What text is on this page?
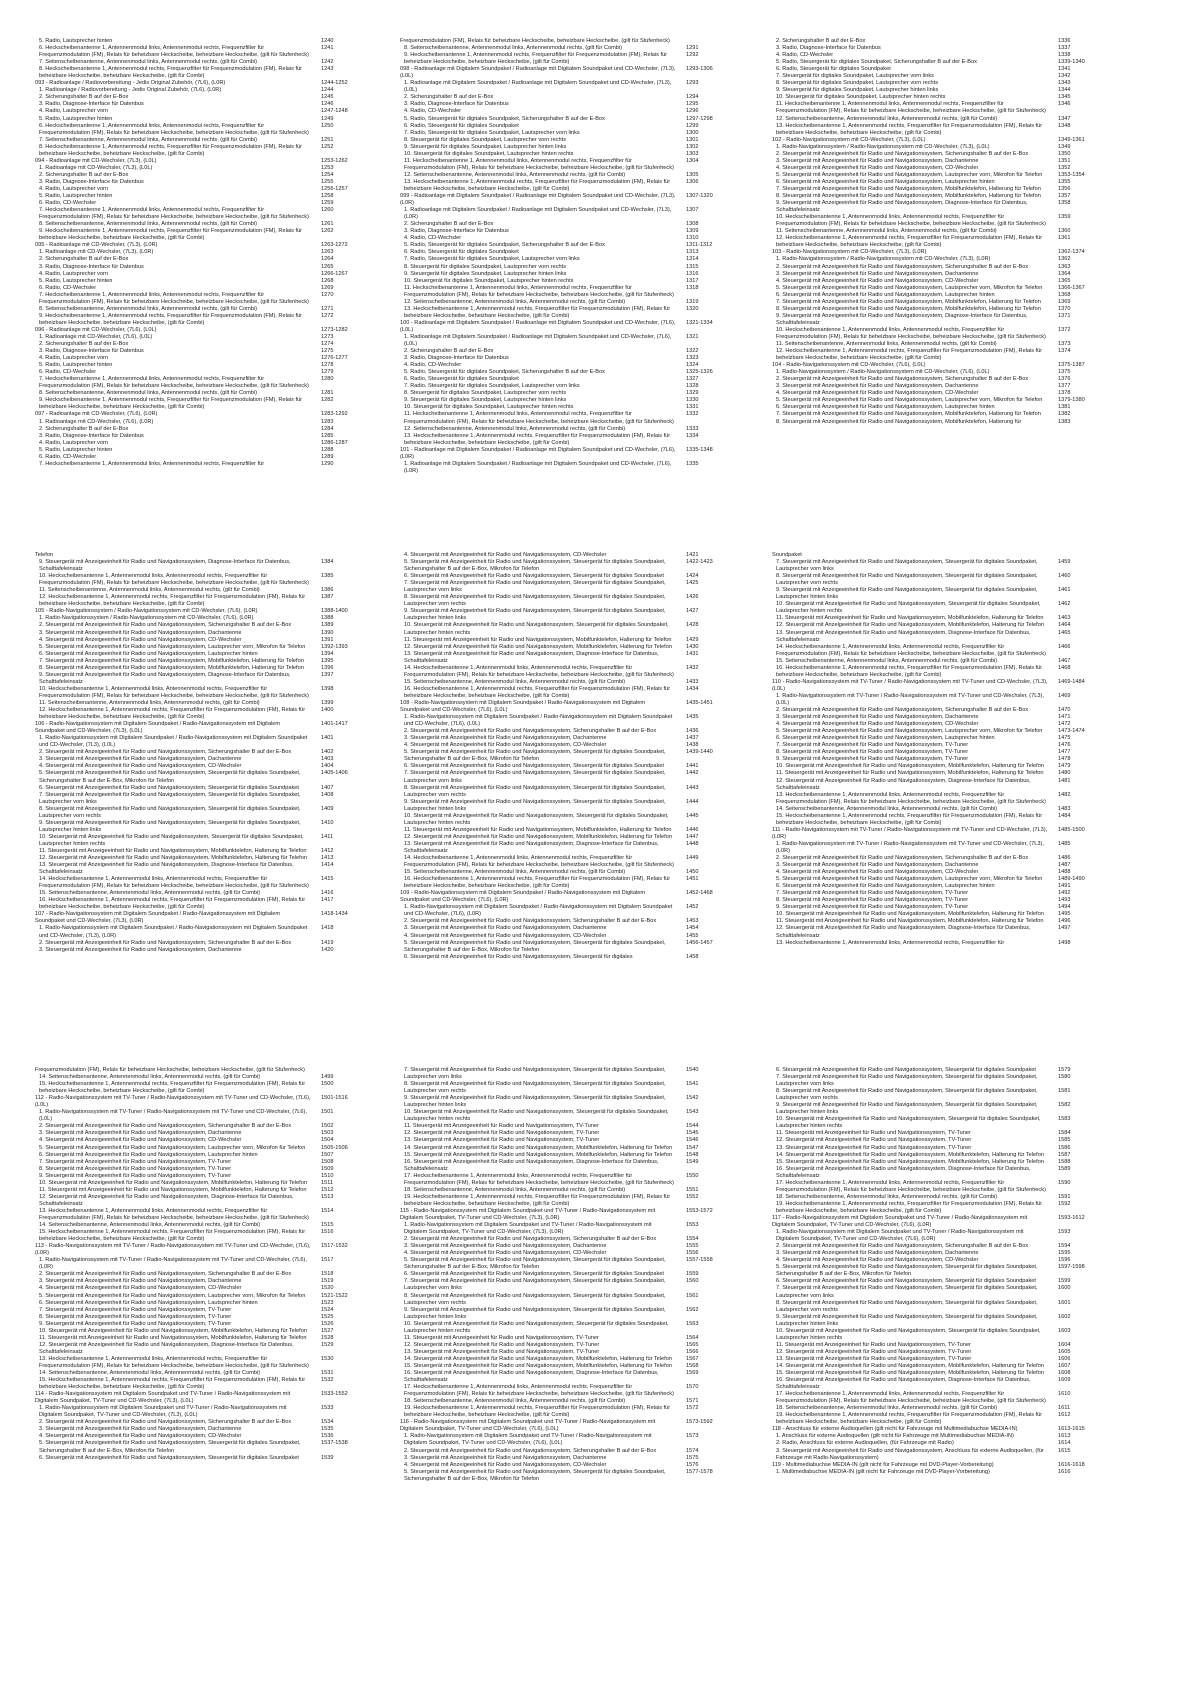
5. Radio, Lautsprecher hinten	1240
6. Heckscheibenantenne 1, Antennenmodul links, Antennenmodul rechts, Frequenzfilter für Frequenzmodulation (FM), Relais für beheizbare Heckscheibe, beheizbare Heckscheibe, (gilt für Stufenheck)
1241
7. Seitenscheibenantenne, Antennenmodul links, Antennenmodul rechts, (gilt für Combi)	1242
8. Heckscheibenantenne 1, Antennenmodul rechts, Frequenzfilter für Frequenzmodulation (FM), Relais für beheizbare Heckscheibe, beheizbare Heckscheibe, (gilt für Combi)
1243
093 - Radioanlage / Radiovorbereitung - Jedis Original Zubehör, (7L6), (L0R)	1244-1252
1. Radioanlage / Radiovorbereitung - Jedis Original Zubehör, (7L6), (L0R)	1244
2. Sicherungshalter B auf der E-Box	1245
3. Radio, Diagnose-Interface für Datenbus	1246
4. Radio, Lautsprecher vorn	1247-1248
5. Radio, Lautsprecher hinten	1249
6. Heckscheibenantenne 1, Antennenmodul links, Antennenmodul rechts, Frequenzfilter für Frequenzmodulation (FM), Relais für beheizbare Heckscheibe, beheizbare Heckscheibe, (gilt für Stufenheck)
1250
7. Seitenscheibenantenne, Antennenmodul links, Antennenmodul rechts, (gilt für Combi)	1251
8. Heckscheibenantenne 1, Antennenmodul rechts, Frequenzfilter für Frequenzmodulation (FM), Relais für beheizbare Heckscheibe, beheizbare Heckscheibe, (gilt für Combi)
1252
094 - Radioanlage mit CD-Wechsler, (7L3), (L0L)	1253-1262
1. Radioanlage mit CD-Wechsler, (7L3), (L0L)	1253
2. Sicherungshalter B auf der E-Box	1254
3. Radio, Diagnose-Interface für Datenbus	1255
4. Radio, Lautsprecher vorn	1256-1257
5. Radio, Lautsprecher hinten	1258
6. Radio, CD-Wechsler	1259
7. Heckscheibenantenne 1, Antennenmodul links, Antennenmodul rechts, Frequenzfilter für Frequenzmodulation (FM), Relais für beheizbare Heckscheibe, beheizbare Heckscheibe, (gilt für Stufenheck)
1260
8. Seitenscheibenantenne, Antennenmodul links, Antennenmodul rechts, (gilt für Combi)	1261
9. Heckscheibenantenne 1, Antennenmodul rechts, Frequenzfilter für Frequenzmodulation (FM), Relais für beheizbare Heckscheibe, beheizbare Heckscheibe, (gilt für Combi)
1262
095 - Radioanlage mit CD-Wechsler, (7L3), (L0R)	1263-1272
1. Radioanlage mit CD-Wechsler, (7L3), (L0R)	1263
2. Sicherungshalter B auf der E-Box	1264
3. Radio, Diagnose-Interface für Datenbus	1265
4. Radio, Lautsprecher vorn	1266-1267
5. Radio, Lautsprecher hinten	1268
6. Radio, CD-Wechsler	1269
7. Heckscheibenantenne 1, Antennenmodul links, Antennenmodul rechts, Frequenzfilter für Frequenzmodulation (FM), Relais für beheizbare Heckscheibe, beheizbare Heckscheibe, (gilt für Stufenheck)
1270
8. Seitenscheibenantenne, Antennenmodul links, Antennenmodul rechts, (gilt für Combi)	1271
9. Heckscheibenantenne 1, Antennenmodul rechts, Frequenzfilter für Frequenzmodulation (FM), Relais für beheizbare Heckscheibe, beheizbare Heckscheibe, (gilt für Combi)
1272
096 - Radioanlage mit CD-Wechsler, (7L6), (L0L)	1273-1282
1. Radioanlage mit CD-Wechsler, (7L6), (L0L)	1273
2. Sicherungshalter B auf der E-Box	1274
3. Radio, Diagnose-Interface für Datenbus	1275
4. Radio, Lautsprecher vorn	1276-1277
5. Radio, Lautsprecher hinten	1278
6. Radio, CD-Wechsler	1279
7. Heckscheibenantenne 1, Antennenmodul links, Antennenmodul rechts, Frequenzfilter für Frequenzmodulation (FM), Relais für beheizbare Heckscheibe, beheizbare Heckscheibe, (gilt für Stufenheck)
1280
8. Seitenscheibenantenne, Antennenmodul links, Antennenmodul rechts, (gilt für Combi)	1281
9. Heckscheibenantenne 1, Antennenmodul rechts, Frequenzfilter für Frequenzmodulation (FM), Relais für beheizbare Heckscheibe, beheizbare Heckscheibe, (gilt für Combi)
1282
097 - Radioanlage mit CD-Wechsler, (7L6), (L0R)	1283-1292
1. Radioanlage mit CD-Wechsler, (7L6), (L0R)	1283
2. Sicherungshalter B auf der E-Box	1284
3. Radio, Diagnose-Interface für Datenbus	1285
4. Radio, Lautsprecher vorn	1286-1287
5. Radio, Lautsprecher hinten	1288
6. Radio, CD-Wechsler	1289
7. Heckscheibenantenne 1, Antennenmodul links, Antennenmodul rechts, Frequenzfilter für	1290
Frequenzmodulation (FM), Relais für beheizbare Heckscheibe, beheizbare Heckscheibe, (gilt für Stufenheck)
8. Seitenscheibenantenne, Antennenmodul links, Antennenmodul rechts, (gilt für Combi)	1291
9. Heckscheibenantenne 1, Antennenmodul rechts, Frequenzfilter für Frequenzmodulation (FM), Relais für beheizbare Heckscheibe, beheizbare Heckscheibe, (gilt für Combi)
1292
098 - Radioanlage mit Digitalem Soundpaket / Radioanlage mit Digitalem Soundpaket und CD-Wechsler, (7L3), (L0L)
1293-1306
1. Radioanlage mit Digitalem Soundpaket / Radioanlage mit Digitalem Soundpaket und CD-Wechsler, (7L3), (L0L)
1293
2. Sicherungshalter B auf der E-Box	1294
3. Radio, Diagnose-Interface für Datenbus	1295
4. Radio, CD-Wechsler	1296
5. Radio, Steuergerät für digitales Soundpaket, Sicherungshalter B auf der E-Box	1297-1298
6. Radio, Steuergerät für digitales Soundpaket	1299
7. Radio, Steuergerät für digitales Soundpaket, Lautsprecher vorn links	1300
8. Steuergerät für digitales Soundpaket, Lautsprecher vorn rechts	1301
9. Steuergerät für digitales Soundpaket, Lautsprecher hinten links	1302
10. Steuergerät für digitales Soundpaket, Lautsprecher hinten rechts	1303
11. Heckscheibenantenne 1, Antennenmodul links, Antennenmodul rechts, Frequenzfilter für Frequenzmodulation (FM), Relais für beheizbare Heckscheibe, beheizbare Heckscheibe, (gilt für Stufenheck)
1304
12. Seitenscheibenantenne, Antennenmodul links, Antennenmodul rechts, (gilt für Combi)	1305
13. Heckscheibenantenne 1, Antennenmodul rechts, Frequenzfilter für Frequenzmodulation (FM), Relais für beheizbare Heckscheibe, beheizbare Heckscheibe, (gilt für Combi)
1306
099 - Radioanlage mit Digitalem Soundpaket / Radioanlage mit Digitalem Soundpaket und CD-Wechsler, (7L3), (L0R)
1307-1320
1. Radioanlage mit Digitalem Soundpaket / Radioanlage mit Digitalem Soundpaket und CD-Wechsler, (7L3), (L0R)
1307
2. Sicherungshalter B auf der E-Box	1308
3. Radio, Diagnose-Interface für Datenbus	1309
4. Radio, CD-Wechsler	1310
5. Radio, Steuergerät für digitales Soundpaket, Sicherungshalter B auf der E-Box	1311-1312
6. Radio, Steuergerät für digitales Soundpaket	1313
7. Radio, Steuergerät für digitales Soundpaket, Lautsprecher vorn links	1314
8. Steuergerät für digitales Soundpaket, Lautsprecher vorn rechts	1315
9. Steuergerät für digitales Soundpaket, Lautsprecher hinten links	1316
10. Steuergerät für digitales Soundpaket, Lautsprecher hinten rechts	1317
11. Heckscheibenantenne 1, Antennenmodul links, Antennenmodul rechts, Frequenzfilter für Frequenzmodulation (FM), Relais für beheizbare Heckscheibe, beheizbare Heckscheibe, (gilt für Stufenheck)
1318
12. Seitenscheibenantenne, Antennenmodul links, Antennenmodul rechts, (gilt für Combi)	1319
13. Heckscheibenantenne 1, Antennenmodul rechts, Frequenzfilter für Frequenzmodulation (FM), Relais für beheizbare Heckscheibe, beheizbare Heckscheibe, (gilt für Combi)
1320
100 - Radioanlage mit Digitalem Soundpaket / Radioanlage mit Digitalem Soundpaket und CD-Wechsler, (7L6), (L0L)
1321-1334
1. Radioanlage mit Digitalem Soundpaket / Radioanlage mit Digitalem Soundpaket und CD-Wechsler, (7L6), (L0L)
1321
2. Sicherungshalter B auf der E-Box	1322
3. Radio, Diagnose-Interface für Datenbus	1323
4. Radio, CD-Wechsler	1324
5. Radio, Steuergerät für digitales Soundpaket, Sicherungshalter B auf der E-Box	1325-1326
6. Radio, Steuergerät für digitales Soundpaket	1327
7. Radio, Steuergerät für digitales Soundpaket, Lautsprecher vorn links	1328
8. Steuergerät für digitales Soundpaket, Lautsprecher vorn rechts	1329
9. Steuergerät für digitales Soundpaket, Lautsprecher hinten links	1330
10. Steuergerät für digitales Soundpaket, Lautsprecher hinten rechts	1331
11. Heckscheibenantenne 1, Antennenmodul links, Antennenmodul rechts, Frequenzfilter für Frequenzmodulation (FM), Relais für beheizbare Heckscheibe, beheizbare Heckscheibe, (gilt für Stufenheck)
1332
12. Seitenscheibenantenne, Antennenmodul links, Antennenmodul rechts, (gilt für Combi)	1333
13. Heckscheibenantenne 1, Antennenmodul rechts, Frequenzfilter für Frequenzmodulation (FM), Relais für beheizbare Heckscheibe, beheizbare Heckscheibe, (gilt für Combi)
1334
101 - Radioanlage mit Digitalem Soundpaket / Radioanlage mit Digitalem Soundpaket und CD-Wechsler, (7L6), (L0R)
1335-1348
1. Radioanlage mit Digitalem Soundpaket / Radioanlage mit Digitalem Soundpaket und CD-Wechsler, (7L6), (L0R)
1335
2. Sicherungshalter B auf der E-Box	1336
3. Radio, Diagnose-Interface für Datenbus	1337
4. Radio, CD-Wechsler	1338
5. Radio, Steuergerät für digitales Soundpaket, Sicherungshalter B auf der E-Box	1339-1340
6. Radio, Steuergerät für digitales Soundpaket	1341
7. Steuergerät für digitales Soundpaket, Lautsprecher vorn links	1342
8. Steuergerät für digitales Soundpaket, Lautsprecher vorn rechts	1343
9. Steuergerät für digitales Soundpaket, Lautsprecher hinten links	1344
10. Steuergerät für digitales Soundpaket, Lautsprecher hinten rechts	1345
11. Heckscheibenantenne 1, Antennenmodul links, Antennenmodul rechts, Frequenzfilter für Frequenzmodulation (FM), Relais für beheizbare Heckscheibe, beheizbare Heckscheibe, (gilt für Stufenheck)
1346
12. Seitenscheibenantenne, Antennenmodul links, Antennenmodul rechts, (gilt für Combi)	1347
13. Heckscheibenantenne 1, Antennenmodul rechts, Frequenzfilter für Frequenzmodulation (FM), Relais für beheizbare Heckscheibe, beheizbare Heckscheibe, (gilt für Combi)
1348
102 - Radio-Navigationssystem mit CD-Wechsler, (7L3), (L0L)	1349-1361
1. Radio-Navigationssystem / Radio-Navigationssystem mit CD-Wechsler, (7L3), (L0L)	1349
2. Steuergerät mit Anzeigeeinheit für Radio und Navigationssystem, Sicherungshalter B auf der E-Box	1350
3. Steuergerät mit Anzeigeeinheit für Radio und Navigationssystem, Dachantenne	1351
4. Steuergerät mit Anzeigeeinheit für Radio und Navigationssystem, CD-Wechsler	1352
5. Steuergerät mit Anzeigeeinheit für Radio und Navigationssystem, Lautsprecher vorn, Mikrofon für Telefon	1353-1354
6. Steuergerät mit Anzeigeeinheit für Radio und Navigationssystem, Lautsprecher hinten	1355
7. Steuergerät mit Anzeigeeinheit für Radio und Navigationssystem, Mobilfunktelefon, Halterung für Telefon	1356
8. Steuergerät mit Anzeigeeinheit für Radio und Navigationssystem, Mobilfunktelefon, Halterung für Telefon	1357
9. Steuergerät mit Anzeigeeinheit für Radio und Navigationssystem, Diagnose-Interface für Datenbus, Schalttafeleinsatz
1358
10. Heckscheibenantenne 1, Antennenmodul links, Antennenmodul rechts, Frequenzfilter für Frequenzmodulation (FM), Relais für beheizbare Heckscheibe, beheizbare Heckscheibe, (gilt für Stufenheck)
1359
11. Seitenscheibenantenne, Antennenmodul links, Antennenmodul rechts, (gilt für Combi)	1360
12. Heckscheibenantenne 1, Antennenmodul rechts, Frequenzfilter für Frequenzmodulation (FM), Relais für beheizbare Heckscheibe, beheizbare Heckscheibe, (gilt für Combi)
1361
103 - Radio-Navigationssystem mit CD-Wechsler, (7L3), (L0R)	1362-1374
1. Radio-Navigationssystem / Radio-Navigationssystem mit CD-Wechsler, (7L3), (L0R)	1362
2. Steuergerät mit Anzeigeeinheit für Radio und Navigationssystem, Sicherungshalter B auf der E-Box	1363
3. Steuergerät mit Anzeigeeinheit für Radio und Navigationssystem, Dachantenne	1364
4. Steuergerät mit Anzeigeeinheit für Radio und Navigationssystem, CD-Wechsler	1365
5. Steuergerät mit Anzeigeeinheit für Radio und Navigationssystem, Lautsprecher vorn, Mikrofon für Telefon	1366-1367
6. Steuergerät mit Anzeigeeinheit für Radio und Navigationssystem, Lautsprecher hinten	1368
7. Steuergerät mit Anzeigeeinheit für Radio und Navigationssystem, Mobilfunktelefon, Halterung für Telefon	1369
8. Steuergerät mit Anzeigeeinheit für Radio und Navigationssystem, Mobilfunktelefon, Halterung für Telefon	1370
9. Steuergerät mit Anzeigeeinheit für Radio und Navigationssystem, Diagnose-Interface für Datenbus, Schalttafeleinsatz
1371
10. Heckscheibenantenne 1, Antennenmodul links, Antennenmodul rechts, Frequenzfilter für Frequenzmodulation (FM), Relais für beheizbare Heckscheibe, beheizbare Heckscheibe, (gilt für Stufenheck)
1372
11. Seitenscheibenantenne, Antennenmodul links, Antennenmodul rechts, (gilt für Combi)	1373
12. Heckscheibenantenne 1, Antennenmodul rechts, Frequenzfilter für Frequenzmodulation (FM), Relais für beheizbare Heckscheibe, beheizbare Heckscheibe, (gilt für Combi)
1374
104 - Radio-Navigationssystem mit CD-Wechsler, (7L6), (L0L)	1375-1387
1. Radio-Navigationssystem / Radio-Navigationssystem mit CD-Wechsler, (7L6), (L0L)	1375
2. Steuergerät mit Anzeigeeinheit für Radio und Navigationssystem, Sicherungshalter B auf der E-Box	1376
3. Steuergerät mit Anzeigeeinheit für Radio und Navigationssystem, Dachantenne	1377
4. Steuergerät mit Anzeigeeinheit für Radio und Navigationssystem, CD-Wechsler	1378
5. Steuergerät mit Anzeigeeinheit für Radio und Navigationssystem, Lautsprecher vorn, Mikrofon für Telefon	1379-1380
6. Steuergerät mit Anzeigeeinheit für Radio und Navigationssystem, Lautsprecher hinten	1381
7. Steuergerät mit Anzeigeeinheit für Radio und Navigationssystem, Mobilfunktelefon, Halterung für Telefon	1382
8. Steuergerät mit Anzeigeeinheit für Radio und Navigationssystem, Mobilfunktelefon, Halterung für	1383
Telefon
9. Steuergerät mit Anzeigeeinheit für Radio und Navigationssystem, Diagnose-Interface für Datenbus, Schalttafeleinsatz
1384
10. Heckscheibenantenne 1, Antennenmodul links, Antennenmodul rechts, Frequenzfilter für Frequenzmodulation (FM), Relais für beheizbare Heckscheibe, beheizbare Heckscheibe, (gilt für Stufenheck)
1385
11. Seitenscheibenantenne, Antennenmodul links, Antennenmodul rechts, (gilt für Combi)	1386
12. Heckscheibenantenne 1, Antennenmodul rechts, Frequenzfilter für Frequenzmodulation (FM), Relais für beheizbare Heckscheibe, beheizbare Heckscheibe, (gilt für Combi)
1387
105 - Radio-Navigationssystem / Radio-Navigationssystem mit CD-Wechsler, (7L6), (L0R)	1388-1400
1. Radio-Navigationssystem / Radio-Navigationssystem mit CD-Wechsler, (7L6), (L0R)	1388
2. Steuergerät mit Anzeigeeinheit für Radio und Navigationssystem, Sicherungshalter B auf der E-Box	1389
3. Steuergerät mit Anzeigeeinheit für Radio und Navigationssystem, Dachantenne	1390
4. Steuergerät mit Anzeigeeinheit für Radio und Navigationssystem, CD-Wechsler	1391
5. Steuergerät mit Anzeigeeinheit für Radio und Navigationssystem, Lautsprecher vorn, Mikrofon für Telefon	1392-1393
6. Steuergerät mit Anzeigeeinheit für Radio und Navigationssystem, Lautsprecher hinten	1394
7. Steuergerät mit Anzeigeeinheit für Radio und Navigationssystem, Mobilfunktelefon, Halterung für Telefon	1395
8. Steuergerät mit Anzeigeeinheit für Radio und Navigationssystem, Mobilfunktelefon, Halterung für Telefon	1396
9. Steuergerät mit Anzeigeeinheit für Radio und Navigationssystem, Diagnose-Interface für Datenbus, Schalttafeleinsatz
1397
10. Heckscheibenantenne 1, Antennenmodul links, Antennenmodul rechts, Frequenzfilter für Frequenzmodulation (FM), Relais für beheizbare Heckscheibe, beheizbare Heckscheibe, (gilt für Stufenheck)
1398
11. Seitenscheibenantenne, Antennenmodul links, Antennenmodul rechts, (gilt für Combi)	1399
12. Heckscheibenantenne 1, Antennenmodul rechts, Frequenzfilter für Frequenzmodulation (FM), Relais für beheizbare Heckscheibe, beheizbare Heckscheibe, (gilt für Combi)
1400
106 - Radio-Navigationssystem mit Digitalem Soundpaket / Radio-Navigationssystem mit Digitalem Soundpaket und CD-Wechsler, (7L3), (L0L)
1401-1417
1. Radio-Navigationssystem mit Digitalem Soundpaket / Radio-Navigationssystem mit Digitalem Soundpaket und CD-Wechsler, (7L3), (L0L)
1401
2. Steuergerät mit Anzeigeeinheit für Radio und Navigationssystem, Sicherungshalter B auf der E-Box	1402
3. Steuergerät mit Anzeigeeinheit für Radio und Navigationssystem, Dachantenne	1403
4. Steuergerät mit Anzeigeeinheit für Radio und Navigationssystem, CD-Wechsler	1404
5. Steuergerät mit Anzeigeeinheit für Radio und Navigationssystem, Steuergerät für digitales Soundpaket, Sicherungshalter B auf der E-Box, Mikrofon für Telefon
1405-1406
6. Steuergerät mit Anzeigeeinheit für Radio und Navigationssystem, Steuergerät für digitales Soundpaket	1407
7. Steuergerät mit Anzeigeeinheit für Radio und Navigationssystem, Steuergerät für digitales Soundpaket, Lautsprecher vorn links
1408
8. Steuergerät mit Anzeigeeinheit für Radio und Navigationssystem, Steuergerät für digitales Soundpaket, Lautsprecher vorn rechts
1409
9. Steuergerät mit Anzeigeeinheit für Radio und Navigationssystem, Steuergerät für digitales Soundpaket, Lautsprecher hinten links
1410
10. Steuergerät mit Anzeigeeinheit für Radio und Navigationssystem, Steuergerät für digitales Soundpaket, Lautsprecher hinten rechts
1411
11. Steuergerät mit Anzeigeeinheit für Radio und Navigationssystem, Mobilfunktelefon, Halterung für Telefon	1412
12. Steuergerät mit Anzeigeeinheit für Radio und Navigationssystem, Mobilfunktelefon, Halterung für Telefon	1413
13. Steuergerät mit Anzeigeeinheit für Radio und Navigationssystem, Diagnose-Interface für Datenbus, Schalttafeleinsatz
1414
14. Heckscheibenantenne 1, Antennenmodul links, Antennenmodul rechts, Frequenzfilter für Frequenzmodulation (FM), Relais für beheizbare Heckscheibe, beheizbare Heckscheibe, (gilt für Stufenheck)
1415
15. Seitenscheibenantenne, Antennenmodul links, Antennenmodul rechts, (gilt für Combi)	1416
16. Heckscheibenantenne 1, Antennenmodul rechts, Frequenzfilter für Frequenzmodulation (FM), Relais für beheizbare Heckscheibe, beheizbare Heckscheibe, (gilt für Combi)
1417
107 - Radio-Navigationssystem mit Digitalem Soundpaket / Radio-Navigationssystem mit Digitalem Soundpaket und CD-Wechsler, (7L3), (L0R)
1418-1434
1. Radio-Navigationssystem mit Digitalem Soundpaket / Radio-Navigationssystem mit Digitalem Soundpaket und CD-Wechsler, (7L3), (L0R)
1418
2. Steuergerät mit Anzeigeeinheit für Radio und Navigationssystem, Sicherungshalter B auf der E-Box	1419
3. Steuergerät mit Anzeigeeinheit für Radio und Navigationssystem, Dachantenne	1420
4. Steuergerät mit Anzeigeeinheit für Radio und Navigationssystem, CD-Wechsler	1421
5. Steuergerät mit Anzeigeeinheit für Radio und Navigationssystem, Steuergerät für digitales Soundpaket, Sicherungshalter B auf der E-Box, Mikrofon für Telefon
1422-1423
6. Steuergerät mit Anzeigeeinheit für Radio und Navigationssystem, Steuergerät für digitales Soundpaket	1424
7. Steuergerät mit Anzeigeeinheit für Radio und Navigationssystem, Steuergerät für digitales Soundpaket, Lautsprecher vorn links
1425
8. Steuergerät mit Anzeigeeinheit für Radio und Navigationssystem, Steuergerät für digitales Soundpaket, Lautsprecher vorn rechts
1426
9. Steuergerät mit Anzeigeeinheit für Radio und Navigationssystem, Steuergerät für digitales Soundpaket, Lautsprecher hinten links
1427
10. Steuergerät mit Anzeigeeinheit für Radio und Navigationssystem, Steuergerät für digitales Soundpaket, Lautsprecher hinten rechts
1428
11. Steuergerät mit Anzeigeeinheit für Radio und Navigationssystem, Mobilfunktelefon, Halterung für Telefon	1429
12. Steuergerät mit Anzeigeeinheit für Radio und Navigationssystem, Mobilfunktelefon, Halterung für Telefon	1430
13. Steuergerät mit Anzeigeeinheit für Radio und Navigationssystem, Diagnose-Interface für Datenbus, Schalttafeleinsatz
1431
14. Heckscheibenantenne 1, Antennenmodul links, Antennenmodul rechts, Frequenzfilter für Frequenzmodulation (FM), Relais für beheizbare Heckscheibe, beheizbare Heckscheibe, (gilt für Stufenheck)
1432
15. Seitenscheibenantenne, Antennenmodul links, Antennenmodul rechts, (gilt für Combi)	1433
16. Heckscheibenantenne 1, Antennenmodul rechts, Frequenzfilter für Frequenzmodulation (FM), Relais für beheizbare Heckscheibe, beheizbare Heckscheibe, (gilt für Combi)
1434
108 - Radio-Navigationssystem mit Digitalem Soundpaket / Radio-Navigationssystem mit Digitalem Soundpaket und CD-Wechsler, (7L6), (L0L)
1435-1451
1. Radio-Navigationssystem mit Digitalem Soundpaket / Radio-Navigationssystem mit Digitalem Soundpaket und CD-Wechsler, (7L6), (L0L)
1435
2. Steuergerät mit Anzeigeeinheit für Radio und Navigationssystem, Sicherungshalter B auf der E-Box	1436
3. Steuergerät mit Anzeigeeinheit für Radio und Navigationssystem, Dachantenne	1437
4. Steuergerät mit Anzeigeeinheit für Radio und Navigationssystem, CD-Wechsler	1438
5. Steuergerät mit Anzeigeeinheit für Radio und Navigationssystem, Steuergerät für digitales Soundpaket, Sicherungshalter B auf der E-Box, Mikrofon für Telefon
1439-1440
6. Steuergerät mit Anzeigeeinheit für Radio und Navigationssystem, Steuergerät für digitales Soundpaket	1441
7. Steuergerät mit Anzeigeeinheit für Radio und Navigationssystem, Steuergerät für digitales Soundpaket, Lautsprecher vorn links
1442
8. Steuergerät mit Anzeigeeinheit für Radio und Navigationssystem, Steuergerät für digitales Soundpaket, Lautsprecher vorn rechts
1443
9. Steuergerät mit Anzeigeeinheit für Radio und Navigationssystem, Steuergerät für digitales Soundpaket, Lautsprecher hinten links
1444
10. Steuergerät mit Anzeigeeinheit für Radio und Navigationssystem, Steuergerät für digitales Soundpaket, Lautsprecher hinten rechts
1445
11. Steuergerät mit Anzeigeeinheit für Radio und Navigationssystem, Mobilfunktelefon, Halterung für Telefon	1446
12. Steuergerät mit Anzeigeeinheit für Radio und Navigationssystem, Mobilfunktelefon, Halterung für Telefon	1447
13. Steuergerät mit Anzeigeeinheit für Radio und Navigationssystem, Diagnose-Interface für Datenbus, Schalttafeleinsatz
1448
14. Heckscheibenantenne 1, Antennenmodul links, Antennenmodul rechts, Frequenzfilter für Frequenzmodulation (FM), Relais für beheizbare Heckscheibe, beheizbare Heckscheibe, (gilt für Stufenheck)
1449
15. Seitenscheibenantenne, Antennenmodul links, Antennenmodul rechts, (gilt für Combi)	1450
16. Heckscheibenantenne 1, Antennenmodul rechts, Frequenzfilter für Frequenzmodulation (FM), Relais für beheizbare Heckscheibe, beheizbare Heckscheibe, (gilt für Combi)
1451
109 - Radio-Navigationssystem mit Digitalem Soundpaket / Radio-Navigationssystem mit Digitalem Soundpaket und CD-Wechsler, (7L6), (L0R)
1452-1468
1. Radio-Navigationssystem mit Digitalem Soundpaket / Radio-Navigationssystem mit Digitalem Soundpaket und CD-Wechsler, (7L6), (L0R)
1452
2. Steuergerät mit Anzeigeeinheit für Radio und Navigationssystem, Sicherungshalter B auf der E-Box	1453
3. Steuergerät mit Anzeigeeinheit für Radio und Navigationssystem, Dachantenne	1454
4. Steuergerät mit Anzeigeeinheit für Radio und Navigationssystem, CD-Wechsler	1455
5. Steuergerät mit Anzeigeeinheit für Radio und Navigationssystem, Steuergerät für digitales Soundpaket, Sicherungshalter B auf der E-Box, Mikrofon für Telefon
1456-1457
6. Steuergerät mit Anzeigeeinheit für Radio und Navigationssystem, Steuergerät für digitales	1458
Soundpaket
7. Steuergerät mit Anzeigeeinheit für Radio und Navigationssystem, Steuergerät für digitales Soundpaket, Lautsprecher vorn links
1459
8. Steuergerät mit Anzeigeeinheit für Radio und Navigationssystem, Steuergerät für digitales Soundpaket, Lautsprecher vorn rechts
1460
9. Steuergerät mit Anzeigeeinheit für Radio und Navigationssystem, Steuergerät für digitales Soundpaket, Lautsprecher hinten links
1461
10. Steuergerät mit Anzeigeeinheit für Radio und Navigationssystem, Steuergerät für digitales Soundpaket, Lautsprecher hinten rechts
1462
11. Steuergerät mit Anzeigeeinheit für Radio und Navigationssystem, Mobilfunktelefon, Halterung für Telefon	1463
12. Steuergerät mit Anzeigeeinheit für Radio und Navigationssystem, Mobilfunktelefon, Halterung für Telefon	1464
13. Steuergerät mit Anzeigeeinheit für Radio und Navigationssystem, Diagnose-Interface für Datenbus, Schalttafeleinsatz
1465
14. Heckscheibenantenne 1, Antennenmodul links, Antennenmodul rechts, Frequenzfilter für Frequenzmodulation (FM), Relais für beheizbare Heckscheibe, beheizbare Heckscheibe, (gilt für Stufenheck)
1466
15. Seitenscheibenantenne, Antennenmodul links, Antennenmodul rechts, (gilt für Combi)	1467
16. Heckscheibenantenne 1, Antennenmodul rechts, Frequenzfilter für Frequenzmodulation (FM), Relais für beheizbare Heckscheibe, beheizbare Heckscheibe, (gilt für Combi)
1468
110 - Radio-Navigationssystem mit TV-Tuner / Radio-Navigationssystem mit TV-Tuner und CD-Wechsler, (7L3), (L0L)
1469-1484
1. Radio-Navigationssystem mit TV-Tuner / Radio-Navigationssystem mit TV-Tuner und CD-Wechsler, (7L3), (L0L)
1469
2. Steuergerät mit Anzeigeeinheit für Radio und Navigationssystem, Sicherungshalter B auf der E-Box	1470
3. Steuergerät mit Anzeigeeinheit für Radio und Navigationssystem, Dachantenne	1471
4. Steuergerät mit Anzeigeeinheit für Radio und Navigationssystem, CD-Wechsler	1472
5. Steuergerät mit Anzeigeeinheit für Radio und Navigationssystem, Lautsprecher vorn, Mikrofon für Telefon	1473-1474
6. Steuergerät mit Anzeigeeinheit für Radio und Navigationssystem, Lautsprecher hinten	1475
7. Steuergerät mit Anzeigeeinheit für Radio und Navigationssystem, TV-Tuner	1476
8. Steuergerät mit Anzeigeeinheit für Radio und Navigationssystem, TV-Tuner	1477
9. Steuergerät mit Anzeigeeinheit für Radio und Navigationssystem, TV-Tuner	1478
10. Steuergerät mit Anzeigeeinheit für Radio und Navigationssystem, Mobilfunktelefon, Halterung für Telefon	1479
11. Steuergerät mit Anzeigeeinheit für Radio und Navigationssystem, Mobilfunktelefon, Halterung für Telefon	1480
12. Steuergerät mit Anzeigeeinheit für Radio und Navigationssystem, Diagnose-Interface für Datenbus, Schalttafeleinsatz
1481
13. Heckscheibenantenne 1, Antennenmodul links, Antennenmodul rechts, Frequenzfilter für Frequenzmodulation (FM), Relais für beheizbare Heckscheibe, beheizbare Heckscheibe, (gilt für Stufenheck)
1482
14. Seitenscheibenantenne, Antennenmodul links, Antennenmodul rechts, (gilt für Combi)	1483
15. Heckscheibenantenne 1, Antennenmodul rechts, Frequenzfilter für Frequenzmodulation (FM), Relais für beheizbare Heckscheibe, beheizbare Heckscheibe, (gilt für Combi)
1484
111 - Radio-Navigationssystem mit TV-Tuner / Radio-Navigationssystem mit TV-Tuner und CD-Wechsler, (7L3), (L0R)
1485-1500
1. Radio-Navigationssystem mit TV-Tuner / Radio-Navigationssystem mit TV-Tuner und CD-Wechsler, (7L3), (L0R)
1485
2. Steuergerät mit Anzeigeeinheit für Radio und Navigationssystem, Sicherungshalter B auf der E-Box	1486
3. Steuergerät mit Anzeigeeinheit für Radio und Navigationssystem, Dachantenne	1487
4. Steuergerät mit Anzeigeeinheit für Radio und Navigationssystem, CD-Wechsler	1488
5. Steuergerät mit Anzeigeeinheit für Radio und Navigationssystem, Lautsprecher vorn, Mikrofon für Telefon	1489-1490
6. Steuergerät mit Anzeigeeinheit für Radio und Navigationssystem, Lautsprecher hinten	1491
7. Steuergerät mit Anzeigeeinheit für Radio und Navigationssystem, TV-Tuner	1492
8. Steuergerät mit Anzeigeeinheit für Radio und Navigationssystem, TV-Tuner	1493
9. Steuergerät mit Anzeigeeinheit für Radio und Navigationssystem, TV-Tuner	1494
10. Steuergerät mit Anzeigeeinheit für Radio und Navigationssystem, Mobilfunktelefon, Halterung für Telefon	1495
11. Steuergerät mit Anzeigeeinheit für Radio und Navigationssystem, Mobilfunktelefon, Halterung für Telefon	1496
12. Steuergerät mit Anzeigeeinheit für Radio und Navigationssystem, Diagnose-Interface für Datenbus, Schalttafeleinsatz
1497
13. Heckscheibenantenne 1, Antennenmodul links, Antennenmodul rechts, Frequenzfilter für	1498
Frequenzmodulation (FM), Relais für beheizbare Heckscheibe, beheizbare Heckscheibe, (gilt für Stufenheck)
14. Seitenscheibenantenne, Antennenmodul links, Antennenmodul rechts, (gilt für Combi)	1499
15. Heckscheibenantenne 1, Antennenmodul rechts, Frequenzfilter für Frequenzmodulation (FM), Relais für beheizbare Heckscheibe, beheizbare Heckscheibe, (gilt für Combi)
1500
112 - Radio-Navigationssystem mit TV-Tuner / Radio-Navigationssystem mit TV-Tuner und CD-Wechsler, (7L6), (L0L)
1501-1516
1. Radio-Navigationssystem mit TV-Tuner / Radio-Navigationssystem mit TV-Tuner und CD-Wechsler, (7L6), (L0L)
1501
2. Steuergerät mit Anzeigeeinheit für Radio und Navigationssystem, Sicherungshalter B auf der E-Box	1502
3. Steuergerät mit Anzeigeeinheit für Radio und Navigationssystem, Dachantenne	1503
4. Steuergerät mit Anzeigeeinheit für Radio und Navigationssystem, CD-Wechsler	1504
5. Steuergerät mit Anzeigeeinheit für Radio und Navigationssystem, Lautsprecher vorn, Mikrofon für Telefon	1505-1506
6. Steuergerät mit Anzeigeeinheit für Radio und Navigationssystem, Lautsprecher hinten	1507
7. Steuergerät mit Anzeigeeinheit für Radio und Navigationssystem, TV-Tuner	1508
8. Steuergerät mit Anzeigeeinheit für Radio und Navigationssystem, TV-Tuner	1509
9. Steuergerät mit Anzeigeeinheit für Radio und Navigationssystem, TV-Tuner	1510
10. Steuergerät mit Anzeigeeinheit für Radio und Navigationssystem, Mobilfunktelefon, Halterung für Telefon	1511
11. Steuergerät mit Anzeigeeinheit für Radio und Navigationssystem, Mobilfunktelefon, Halterung für Telefon	1512
12. Steuergerät mit Anzeigeeinheit für Radio und Navigationssystem, Diagnose-Interface für Datenbus, Schalttafeleinsatz
1513
13. Heckscheibenantenne 1, Antennenmodul links, Antennenmodul rechts, Frequenzfilter für Frequenzmodulation (FM), Relais für beheizbare Heckscheibe, beheizbare Heckscheibe, (gilt für Stufenheck)
1514
14. Seitenscheibenantenne, Antennenmodul links, Antennenmodul rechts, (gilt für Combi)	1515
15. Heckscheibenantenne 1, Antennenmodul rechts, Frequenzfilter für Frequenzmodulation (FM), Relais für beheizbare Heckscheibe, beheizbare Heckscheibe, (gilt für Combi)
1516
113 - Radio-Navigationssystem mit TV-Tuner / Radio-Navigationssystem mit TV-Tuner und CD-Wechsler, (7L6), (L0R)
1517-1532
1. Radio-Navigationssystem mit TV-Tuner / Radio-Navigationssystem mit TV-Tuner und CD-Wechsler, (7L6), (L0R)
1517
2. Steuergerät mit Anzeigeeinheit für Radio und Navigationssystem, Sicherungshalter B auf der E-Box	1518
3. Steuergerät mit Anzeigeeinheit für Radio und Navigationssystem, Dachantenne	1519
4. Steuergerät mit Anzeigeeinheit für Radio und Navigationssystem, CD-Wechsler	1520
5. Steuergerät mit Anzeigeeinheit für Radio und Navigationssystem, Lautsprecher vorn, Mikrofon für Telefon	1521-1522
6. Steuergerät mit Anzeigeeinheit für Radio und Navigationssystem, Lautsprecher hinten	1523
7. Steuergerät mit Anzeigeeinheit für Radio und Navigationssystem, TV-Tuner	1524
8. Steuergerät mit Anzeigeeinheit für Radio und Navigationssystem, TV-Tuner	1525
9. Steuergerät mit Anzeigeeinheit für Radio und Navigationssystem, TV-Tuner	1526
10. Steuergerät mit Anzeigeeinheit für Radio und Navigationssystem, Mobilfunktelefon, Halterung für Telefon	1527
11. Steuergerät mit Anzeigeeinheit für Radio und Navigationssystem, Mobilfunktelefon, Halterung für Telefon	1528
12. Steuergerät mit Anzeigeeinheit für Radio und Navigationssystem, Diagnose-Interface für Datenbus, Schalttafeleinsatz
1529
13. Heckscheibenantenne 1, Antennenmodul links, Antennenmodul rechts, Frequenzfilter für Frequenzmodulation (FM), Relais für beheizbare Heckscheibe, beheizbare Heckscheibe, (gilt für Stufenheck)
1530
14. Seitenscheibenantenne, Antennenmodul links, Antennenmodul rechts, (gilt für Combi)	1531
15. Heckscheibenantenne 1, Antennenmodul rechts, Frequenzfilter für Frequenzmodulation (FM), Relais für beheizbare Heckscheibe, beheizbare Heckscheibe, (gilt für Combi)
1532
114 - Radio-Navigationssystem mit Digitalem Soundpaket und TV-Tuner / Radio-Navigationssystem mit Digitalem Soundpaket, TV-Tuner und CD-Wechsler, (7L3), (L0L)
1533-1552
1. Radio-Navigationssystem mit Digitalem Soundpaket und TV-Tuner / Radio-Navigationssystem mit Digitalem Soundpaket, TV-Tuner und CD-Wechsler, (7L3), (L0L)
1533
2. Steuergerät mit Anzeigeeinheit für Radio und Navigationssystem, Sicherungshalter B auf der E-Box	1534
3. Steuergerät mit Anzeigeeinheit für Radio und Navigationssystem, Dachantenne	1535
4. Steuergerät mit Anzeigeeinheit für Radio und Navigationssystem, CD-Wechsler	1536
5. Steuergerät mit Anzeigeeinheit für Radio und Navigationssystem, Steuergerät für digitales Soundpaket, Sicherungshalter B auf der E-Box, Mikrofon für Telefon
1537-1538
6. Steuergerät mit Anzeigeeinheit für Radio und Navigationssystem, Steuergerät für digitales Soundpaket	1539
7. Steuergerät mit Anzeigeeinheit für Radio und Navigationssystem, Steuergerät für digitales Soundpaket, Lautsprecher vorn links
1540
8. Steuergerät mit Anzeigeeinheit für Radio und Navigationssystem, Steuergerät für digitales Soundpaket, Lautsprecher vorn rechts
1541
9. Steuergerät mit Anzeigeeinheit für Radio und Navigationssystem, Steuergerät für digitales Soundpaket, Lautsprecher hinten links
1542
10. Steuergerät mit Anzeigeeinheit für Radio und Navigationssystem, Steuergerät für digitales Soundpaket, Lautsprecher hinten rechts
1543
11. Steuergerät mit Anzeigeeinheit für Radio und Navigationssystem, TV-Tuner	1544
12. Steuergerät mit Anzeigeeinheit für Radio und Navigationssystem, TV-Tuner	1545
13. Steuergerät mit Anzeigeeinheit für Radio und Navigationssystem, TV-Tuner	1546
14. Steuergerät mit Anzeigeeinheit für Radio und Navigationssystem, Mobilfunktelefon, Halterung für Telefon	1547
15. Steuergerät mit Anzeigeeinheit für Radio und Navigationssystem, Mobilfunktelefon, Halterung für Telefon	1548
16. Steuergerät mit Anzeigeeinheit für Radio und Navigationssystem, Diagnose-Interface für Datenbus, Schalttafeleinsatz
1549
17. Heckscheibenantenne 1, Antennenmodul links, Antennenmodul rechts, Frequenzfilter für Frequenzmodulation (FM), Relais für beheizbare Heckscheibe, beheizbare Heckscheibe, (gilt für Stufenheck)
1550
18. Seitenscheibenantenne, Antennenmodul links, Antennenmodul rechts, (gilt für Combi)	1551
19. Heckscheibenantenne 1, Antennenmodul rechts, Frequenzfilter für Frequenzmodulation (FM), Relais für beheizbare Heckscheibe, beheizbare Heckscheibe, (gilt für Combi)
1552
115 - Radio-Navigationssystem mit Digitalem Soundpaket und TV-Tuner / Radio-Navigationssystem mit Digitalem Soundpaket, TV-Tuner und CD-Wechsler, (7L3), (L0R)
1553-1572
1. Radio-Navigationssystem mit Digitalem Soundpaket und TV-Tuner / Radio-Navigationssystem mit Digitalem Soundpaket, TV-Tuner und CD-Wechsler, (7L3), (L0R)
1553
2. Steuergerät mit Anzeigeeinheit für Radio und Navigationssystem, Sicherungshalter B auf der E-Box	1554
3. Steuergerät mit Anzeigeeinheit für Radio und Navigationssystem, Dachantenne	1555
4. Steuergerät mit Anzeigeeinheit für Radio und Navigationssystem, CD-Wechsler	1556
5. Steuergerät mit Anzeigeeinheit für Radio und Navigationssystem, Steuergerät für digitales Soundpaket, Sicherungshalter B auf der E-Box, Mikrofon für Telefon
1557-1558
6. Steuergerät mit Anzeigeeinheit für Radio und Navigationssystem, Steuergerät für digitales Soundpaket	1559
7. Steuergerät mit Anzeigeeinheit für Radio und Navigationssystem, Steuergerät für digitales Soundpaket, Lautsprecher vorn links
1560
8. Steuergerät mit Anzeigeeinheit für Radio und Navigationssystem, Steuergerät für digitales Soundpaket, Lautsprecher vorn rechts
1561
9. Steuergerät mit Anzeigeeinheit für Radio und Navigationssystem, Steuergerät für digitales Soundpaket, Lautsprecher hinten links
1562
10. Steuergerät mit Anzeigeeinheit für Radio und Navigationssystem, Steuergerät für digitales Soundpaket, Lautsprecher hinten rechts
1563
11. Steuergerät mit Anzeigeeinheit für Radio und Navigationssystem, TV-Tuner	1564
12. Steuergerät mit Anzeigeeinheit für Radio und Navigationssystem, TV-Tuner	1565
13. Steuergerät mit Anzeigeeinheit für Radio und Navigationssystem, TV-Tuner	1566
14. Steuergerät mit Anzeigeeinheit für Radio und Navigationssystem, Mobilfunktelefon, Halterung für Telefon	1567
15. Steuergerät mit Anzeigeeinheit für Radio und Navigationssystem, Mobilfunktelefon, Halterung für Telefon	1568
16. Steuergerät mit Anzeigeeinheit für Radio und Navigationssystem, Diagnose-Interface für Datenbus, Schalttafeleinsatz
1569
17. Heckscheibenantenne 1, Antennenmodul links, Antennenmodul rechts, Frequenzfilter für Frequenzmodulation (FM), Relais für beheizbare Heckscheibe, beheizbare Heckscheibe, (gilt für Stufenheck)
1570
18. Seitenscheibenantenne, Antennenmodul links, Antennenmodul rechts, (gilt für Combi)	1571
19. Heckscheibenantenne 1, Antennenmodul rechts, Frequenzfilter für Frequenzmodulation (FM), Relais für beheizbare Heckscheibe, beheizbare Heckscheibe, (gilt für Combi)
1572
116 - Radio-Navigationssystem mit Digitalem Soundpaket und TV-Tuner / Radio-Navigationssystem mit Digitalem Soundpaket, TV-Tuner und CD-Wechsler, (7L6), (L0L)
1573-1592
1. Radio-Navigationssystem mit Digitalem Soundpaket und TV-Tuner / Radio-Navigationssystem mit Digitalem Soundpaket, TV-Tuner und CD-Wechsler, (7L6), (L0L)
1573
2. Steuergerät mit Anzeigeeinheit für Radio und Navigationssystem, Sicherungshalter B auf der E-Box	1574
3. Steuergerät mit Anzeigeeinheit für Radio und Navigationssystem, Dachantenne	1575
4. Steuergerät mit Anzeigeeinheit für Radio und Navigationssystem, CD-Wechsler	1576
5. Steuergerät mit Anzeigeeinheit für Radio und Navigationssystem, Steuergerät für digitales Soundpaket, Sicherungshalter B auf der E-Box, Mikrofon für Telefon
1577-1578
6. Steuergerät mit Anzeigeeinheit für Radio und Navigationssystem, Steuergerät für digitales Soundpaket	1579
7. Steuergerät mit Anzeigeeinheit für Radio und Navigationssystem, Steuergerät für digitales Soundpaket, Lautsprecher vorn links
1580
8. Steuergerät mit Anzeigeeinheit für Radio und Navigationssystem, Steuergerät für digitales Soundpaket, Lautsprecher vorn rechts
1581
9. Steuergerät mit Anzeigeeinheit für Radio und Navigationssystem, Steuergerät für digitales Soundpaket, Lautsprecher hinten links
1582
10. Steuergerät mit Anzeigeeinheit für Radio und Navigationssystem, Steuergerät für digitales Soundpaket, Lautsprecher hinten rechts
1583
11. Steuergerät mit Anzeigeeinheit für Radio und Navigationssystem, TV-Tuner	1584
12. Steuergerät mit Anzeigeeinheit für Radio und Navigationssystem, TV-Tuner	1585
13. Steuergerät mit Anzeigeeinheit für Radio und Navigationssystem, TV-Tuner	1586
14. Steuergerät mit Anzeigeeinheit für Radio und Navigationssystem, Mobilfunktelefon, Halterung für Telefon	1587
15. Steuergerät mit Anzeigeeinheit für Radio und Navigationssystem, Mobilfunktelefon, Halterung für Telefon	1588
16. Steuergerät mit Anzeigeeinheit für Radio und Navigationssystem, Diagnose-Interface für Datenbus, Schalttafeleinsatz
1589
17. Heckscheibenantenne 1, Antennenmodul links, Antennenmodul rechts, Frequenzfilter für Frequenzmodulation (FM), Relais für beheizbare Heckscheibe, beheizbare Heckscheibe, (gilt für Stufenheck)
1590
18. Seitenscheibenantenne, Antennenmodul links, Antennenmodul rechts, (gilt für Combi)	1591
19. Heckscheibenantenne 1, Antennenmodul rechts, Frequenzfilter für Frequenzmodulation (FM), Relais für beheizbare Heckscheibe, beheizbare Heckscheibe, (gilt für Combi)
1592
117 - Radio-Navigationssystem mit Digitalem Soundpaket und TV-Tuner / Radio-Navigationssystem mit Digitalem Soundpaket, TV-Tuner und CD-Wechsler, (7L6), (L0R)
1593-1612
1. Radio-Navigationssystem mit Digitalem Soundpaket und TV-Tuner / Radio-Navigationssystem mit Digitalem Soundpaket, TV-Tuner und CD-Wechsler, (7L6), (L0R)
1593
2. Steuergerät mit Anzeigeeinheit für Radio und Navigationssystem, Sicherungshalter B auf der E-Box	1594
3. Steuergerät mit Anzeigeeinheit für Radio und Navigationssystem, Dachantenne	1595
4. Steuergerät mit Anzeigeeinheit für Radio und Navigationssystem, CD-Wechsler	1596
5. Steuergerät mit Anzeigeeinheit für Radio und Navigationssystem, Steuergerät für digitales Soundpaket, Sicherungshalter B auf der E-Box, Mikrofon für Telefon
1597-1598
6. Steuergerät mit Anzeigeeinheit für Radio und Navigationssystem, Steuergerät für digitales Soundpaket	1599
7. Steuergerät mit Anzeigeeinheit für Radio und Navigationssystem, Steuergerät für digitales Soundpaket, Lautsprecher vorn links
1600
8. Steuergerät mit Anzeigeeinheit für Radio und Navigationssystem, Steuergerät für digitales Soundpaket, Lautsprecher vorn rechts
1601
9. Steuergerät mit Anzeigeeinheit für Radio und Navigationssystem, Steuergerät für digitales Soundpaket, Lautsprecher hinten links
1602
10. Steuergerät mit Anzeigeeinheit für Radio und Navigationssystem, Steuergerät für digitales Soundpaket, Lautsprecher hinten rechts
1603
11. Steuergerät mit Anzeigeeinheit für Radio und Navigationssystem, TV-Tuner	1604
12. Steuergerät mit Anzeigeeinheit für Radio und Navigationssystem, TV-Tuner	1605
13. Steuergerät mit Anzeigeeinheit für Radio und Navigationssystem, TV-Tuner	1606
14. Steuergerät mit Anzeigeeinheit für Radio und Navigationssystem, Mobilfunktelefon, Halterung für Telefon	1607
15. Steuergerät mit Anzeigeeinheit für Radio und Navigationssystem, Mobilfunktelefon, Halterung für Telefon	1608
16. Steuergerät mit Anzeigeeinheit für Radio und Navigationssystem, Diagnose-Interface für Datenbus, Schalttafeleinsatz
1609
17. Heckscheibenantenne 1, Antennenmodul links, Antennenmodul rechts, Frequenzfilter für Frequenzmodulation (FM), Relais für beheizbare Heckscheibe, beheizbare Heckscheibe, (gilt für Stufenheck)
1610
18. Seitenscheibenantenne, Antennenmodul links, Antennenmodul rechts, (gilt für Combi)	1611
19. Heckscheibenantenne 1, Antennenmodul rechts, Frequenzfilter für Frequenzmodulation (FM), Relais für beheizbare Heckscheibe, beheizbare Heckscheibe, (gilt für Combi)
1612
118 - Anschluss für externe Audioquellen (gilt nicht für Fahrzeuge mit Multimediabuchse MEDIA-IN)	1613-1615
1. Anschluss für externe Audioquellen (gilt nicht für Fahrzeuge mit Multimediabuchse MEDIA-IN)	1613
2. Radio, Anschluss für externe Audioquellen, (für Fahrzeuge mit Radio)	1614
3. Steuergerät mit Anzeigeeinheit für Radio und Navigationssystem, Anschluss für externe Audioquellen, (für Fahrzeuge mit Radio-Navigationssystem)
1615
119 - Multimediabuchse MEDIA-IN (gilt nicht für Fahrzeuge mit DVD-Player-Vorbereitung)	1616-1618
1. Multimediabuchse MEDIA-IN (gilt nicht für Fahrzeuge mit DVD-Player-Vorbereitung)	1616
